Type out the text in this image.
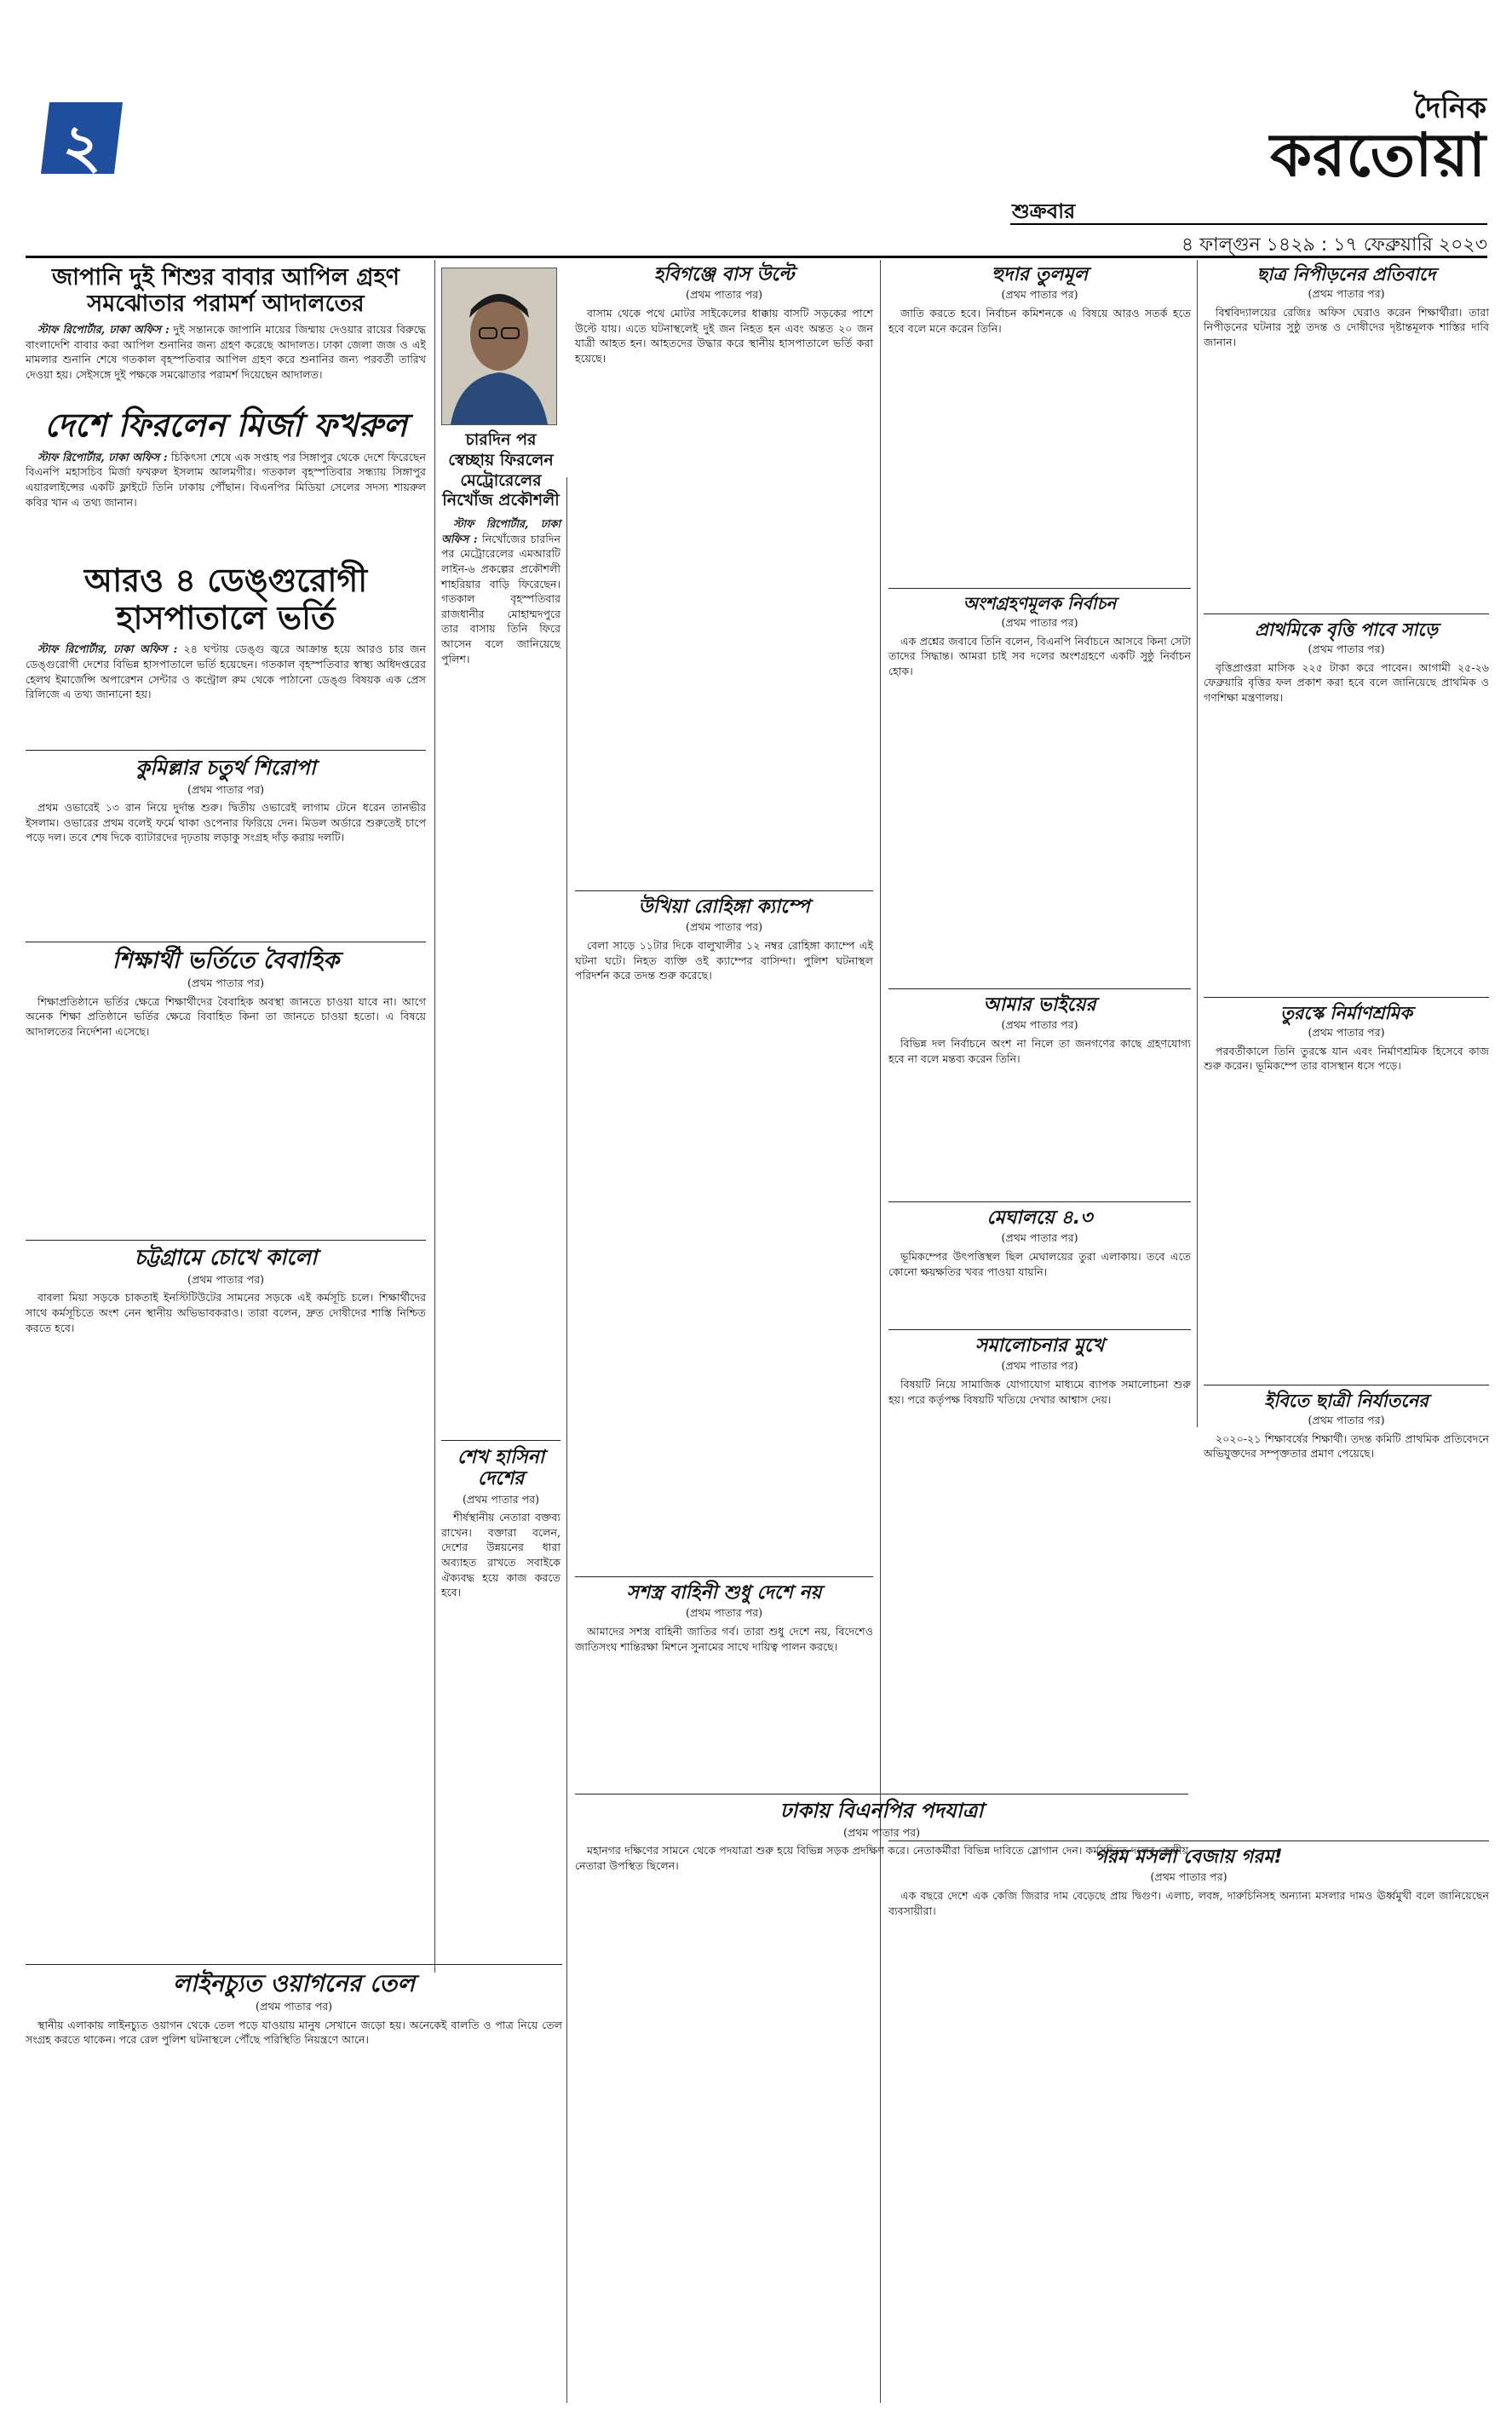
২
শুক্রবার
দৈনিক
করতোয়া
৪ ফাল্গুন ১৪২৯ : ১৭ ফেব্রুয়ারি ২০২৩
জাপানি দুই শিশুর বাবার আপিল গ্রহণ
সমঝোতার পরামর্শ আদালতের

স্টাফ রিপোর্টার, ঢাকা অফিস : দুই সন্তানকে জাপানি মায়ের জিম্মায় দেওয়ার রায়ের বিরুদ্ধে বাংলাদেশি বাবার করা আপিল শুনানির জন্য গ্রহণ করেছে আদালত। ঢাকা জেলা জজ ও এই মামলার শুনানি শেষে গতকাল বৃহস্পতিবার আপিল গ্রহণ করে শুনানির জন্য পরবর্তী তারিখ দেওয়া হয়। সেইসঙ্গে দুই পক্ষকে সমঝোতার পরামর্শ দিয়েছেন আদালত।

দেশে ফিরলেন মির্জা ফখরুল

স্টাফ রিপোর্টার, ঢাকা অফিস : চিকিৎসা শেষে এক সপ্তাহ পর সিঙ্গাপুর থেকে দেশে ফিরেছেন বিএনপি মহাসচিব মির্জা ফখরুল ইসলাম আলমগীর। গতকাল বৃহস্পতিবার সন্ধ্যায় সিঙ্গাপুর এয়ারলাইন্সের একটি ফ্লাইটে তিনি ঢাকায় পৌঁছান। বিএনপির মিডিয়া সেলের সদস্য শায়রুল কবির খান এ তথ্য জানান।

আরও ৪ ডেঙ্গুরোগী হাসপাতালে ভর্তি

স্টাফ রিপোর্টার, ঢাকা অফিস : ২৪ ঘণ্টায় ডেঙ্গু জ্বরে আক্রান্ত হয়ে আরও চার জন ডেঙ্গুরোগী দেশের বিভিন্ন হাসপাতালে ভর্তি হয়েছেন। গতকাল বৃহস্পতিবার স্বাস্থ্য অধিদপ্তরের হেলথ ইমার্জেন্সি অপারেশন সেন্টার ও কন্ট্রোল রুম থেকে পাঠানো ডেঙ্গু বিষয়ক এক প্রেস রিলিজে এ তথ্য জানানো হয়।

কুমিল্লার চতুর্থ শিরোপা
(প্রথম পাতার পর)

প্রথম ওভারেই ১৩ রান নিয়ে দুর্দান্ত শুরু। দ্বিতীয় ওভারেই লাগাম টেনে ধরেন তানভীর ইসলাম। ওভারের প্রথম বলেই ফর্মে থাকা ওপেনার ফিরিয়ে দেন। মিডল অর্ডারে শুরুতেই চাপে পড়ে দল। তবে শেষ দিকে ব্যাটারদের দৃঢ়তায় লড়াকু সংগ্রহ দাঁড় করায় দলটি।

শিক্ষার্থী ভর্তিতে বৈবাহিক
(প্রথম পাতার পর)

শিক্ষাপ্রতিষ্ঠানে ভর্তির ক্ষেত্রে শিক্ষার্থীদের বৈবাহিক অবস্থা জানতে চাওয়া যাবে না। আগে অনেক শিক্ষা প্রতিষ্ঠানে ভর্তির ক্ষেত্রে বিবাহিত কিনা তা জানতে চাওয়া হতো। এ বিষয়ে আদালতের নির্দেশনা এসেছে।

চট্টগ্রামে চোখে কালো
(প্রথম পাতার পর)

বাবলা মিয়া সড়কে চাকতাই ইনস্টিটিউটের সামনের সড়কে এই কর্মসূচি চলে। শিক্ষার্থীদের সাথে কর্মসূচিতে অংশ নেন স্থানীয় অভিভাবকরাও। তারা বলেন, দ্রুত দোষীদের শাস্তি নিশ্চিত করতে হবে।

লাইনচ্যুত ওয়াগনের তেল
(প্রথম পাতার পর)

স্থানীয় এলাকায় লাইনচ্যুত ওয়াগন থেকে তেল পড়ে যাওয়ায় মানুষ সেখানে জড়ো হয়। অনেকেই বালতি ও পাত্র নিয়ে তেল সংগ্রহ করতে থাকেন। পরে রেল পুলিশ ঘটনাস্থলে পৌঁছে পরিস্থিতি নিয়ন্ত্রণে আনে।

চারদিন পর স্বেচ্ছায় ফিরলেন মেট্রোরেলের নিখোঁজ প্রকৌশলী

স্টাফ রিপোর্টার, ঢাকা অফিস : নিখোঁজের চারদিন পর মেট্রোরেলের এমআরটি লাইন-৬ প্রকল্পের প্রকৌশলী শাহরিয়ার বাড়ি ফিরেছেন। গতকাল বৃহস্পতিবার রাজধানীর মোহাম্মদপুরে তার বাসায় তিনি ফিরে আসেন বলে জানিয়েছে পুলিশ।

শেখ হাসিনা দেশের
(প্রথম পাতার পর)

শীর্ষস্থানীয় নেতারা বক্তব্য রাখেন। বক্তারা বলেন, দেশের উন্নয়নের ধারা অব্যাহত রাখতে সবাইকে ঐক্যবদ্ধ হয়ে কাজ করতে হবে।

হবিগঞ্জে বাস উল্টে
(প্রথম পাতার পর)

বাসাম থেকে পথে মোটর সাইকেলের ধাক্কায় বাসটি সড়কের পাশে উল্টে যায়। এতে ঘটনাস্থলেই দুই জন নিহত হন এবং অন্তত ২০ জন যাত্রী আহত হন। আহতদের উদ্ধার করে স্থানীয় হাসপাতালে ভর্তি করা হয়েছে।

উখিয়া রোহিঙ্গা ক্যাম্পে
(প্রথম পাতার পর)

বেলা সাড়ে ১১টার দিকে বালুখালীর ১২ নম্বর রোহিঙ্গা ক্যাম্পে এই ঘটনা ঘটে। নিহত ব্যক্তি ওই ক্যাম্পের বাসিন্দা। পুলিশ ঘটনাস্থল পরিদর্শন করে তদন্ত শুরু করেছে।

সশস্ত্র বাহিনী শুধু দেশে নয়
(প্রথম পাতার পর)

আমাদের সশস্ত্র বাহিনী জাতির গর্ব। তারা শুধু দেশে নয়, বিদেশেও জাতিসংঘ শান্তিরক্ষা মিশনে সুনামের সাথে দায়িত্ব পালন করছে।

ঢাকায় বিএনপির পদযাত্রা
(প্রথম পাতার পর)

মহানগর দক্ষিণের সামনে থেকে পদযাত্রা শুরু হয়ে বিভিন্ন সড়ক প্রদক্ষিণ করে। নেতাকর্মীরা বিভিন্ন দাবিতে স্লোগান দেন। কর্মসূচিতে দলের কেন্দ্রীয় নেতারা উপস্থিত ছিলেন।

হুদার তুলমূল
(প্রথম পাতার পর)

জাতি করতে হবে। নির্বাচন কমিশনকে এ বিষয়ে আরও সতর্ক হতে হবে বলে মনে করেন তিনি।

অংশগ্রহণমূলক নির্বাচন
(প্রথম পাতার পর)

এক প্রশ্নের জবাবে তিনি বলেন, বিএনপি নির্বাচনে আসবে কিনা সেটা তাদের সিদ্ধান্ত। আমরা চাই সব দলের অংশগ্রহণে একটি সুষ্ঠু নির্বাচন হোক।

আমার ভাইয়ের
(প্রথম পাতার পর)

বিভিন্ন দল নির্বাচনে অংশ না নিলে তা জনগণের কাছে গ্রহণযোগ্য হবে না বলে মন্তব্য করেন তিনি।

মেঘালয়ে ৪.৩
(প্রথম পাতার পর)

ভূমিকম্পের উৎপত্তিস্থল ছিল মেঘালয়ের তুরা এলাকায়। তবে এতে কোনো ক্ষয়ক্ষতির খবর পাওয়া যায়নি।

সমালোচনার মুখে
(প্রথম পাতার পর)

বিষয়টি নিয়ে সামাজিক যোগাযোগ মাধ্যমে ব্যাপক সমালোচনা শুরু হয়। পরে কর্তৃপক্ষ বিষয়টি খতিয়ে দেখার আশ্বাস দেয়।

ছাত্র নিপীড়নের প্রতিবাদে
(প্রথম পাতার পর)

বিশ্ববিদ্যালয়ের রেজিঃ অফিস ঘেরাও করেন শিক্ষার্থীরা। তারা নিপীড়নের ঘটনার সুষ্ঠু তদন্ত ও দোষীদের দৃষ্টান্তমূলক শাস্তির দাবি জানান।

প্রাথমিকে বৃত্তি পাবে সাড়ে
(প্রথম পাতার পর)

বৃত্তিপ্রাপ্তরা মাসিক ২২৫ টাকা করে পাবেন। আগামী ২৫-২৬ ফেব্রুয়ারি বৃত্তির ফল প্রকাশ করা হবে বলে জানিয়েছে প্রাথমিক ও গণশিক্ষা মন্ত্রণালয়।

তুরস্কে নির্মাণশ্রমিক
(প্রথম পাতার পর)

পরবর্তীকালে তিনি তুরস্কে যান এবং নির্মাণশ্রমিক হিসেবে কাজ শুরু করেন। ভূমিকম্পে তার বাসস্থান ধসে পড়ে।

ইবিতে ছাত্রী নির্যাতনের
(প্রথম পাতার পর)

২০২০-২১ শিক্ষাবর্ষের শিক্ষার্থী। তদন্ত কমিটি প্রাথমিক প্রতিবেদনে অভিযুক্তদের সম্পৃক্ততার প্রমাণ পেয়েছে।

গরম মসলা বেজায় গরম!
(প্রথম পাতার পর)

এক বছরে দেশে এক কেজি জিরার দাম বেড়েছে প্রায় দ্বিগুণ। এলাচ, লবঙ্গ, দারুচিনিসহ অন্যান্য মসলার দামও ঊর্ধ্বমুখী বলে জানিয়েছেন ব্যবসায়ীরা।
